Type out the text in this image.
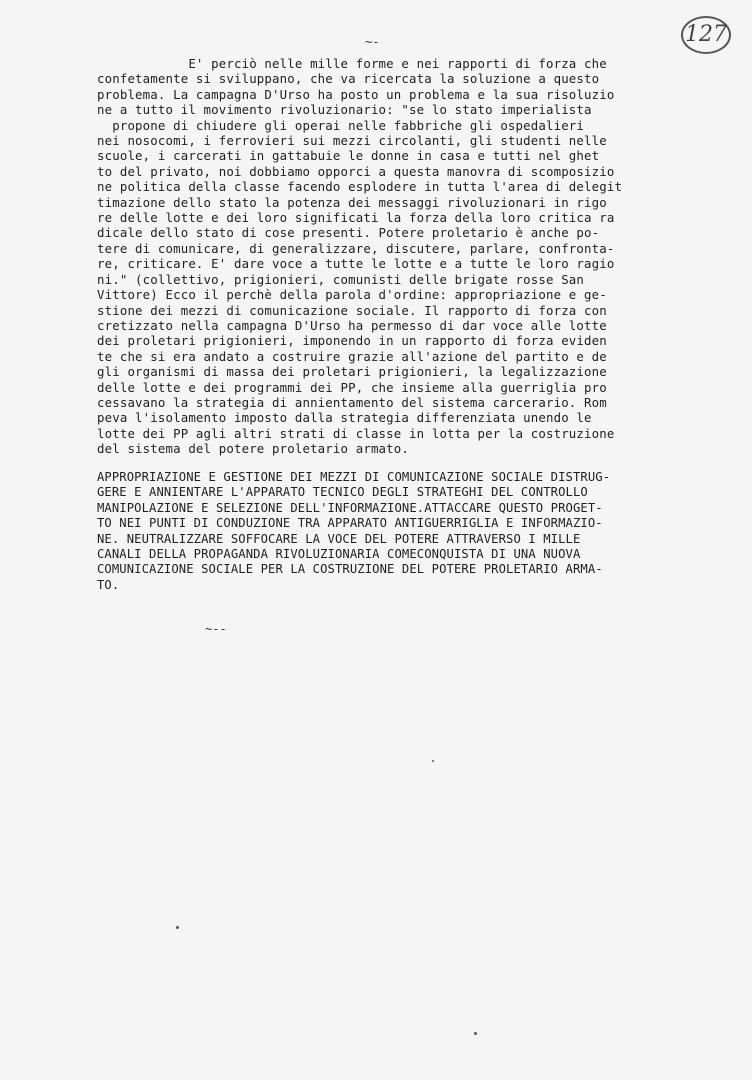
127
~-
E' perciò nelle mille forme e nei rapporti di forza che
confetamente si sviluppano, che va ricercata la soluzione a questo
problema. La campagna D'Urso ha posto un problema e la sua risoluzio
ne a tutto il movimento rivoluzionario: "se lo stato imperialista
propone di chiudere gli operai nelle fabbriche gli ospedalieri
nei nosocomi, i ferrovieri sui mezzi circolanti, gli studenti nelle
scuole, i carcerati in gattabuie le donne in casa e tutti nel ghet
to del privato, noi dobbiamo opporci a questa manovra di scomposizio
ne politica della classe facendo esplodere in tutta l'area di delegit
timazione dello stato la potenza dei messaggi rivoluzionari in rigo
re delle lotte e dei loro significati la forza della loro critica ra
dicale dello stato di cose presenti. Potere proletario è anche po-
tere di comunicare, di generalizzare, discutere, parlare, confronta-
re, criticare. E' dare voce a tutte le lotte e a tutte le loro ragio
ni." (collettivo, prigionieri, comunisti delle brigate rosse San
Vittore) Ecco il perchè della parola d'ordine: appropriazione e ge-
stione dei mezzi di comunicazione sociale. Il rapporto di forza con
cretizzato nella campagna D'Urso ha permesso di dar voce alle lotte
dei proletari prigionieri, imponendo in un rapporto di forza eviden
te che si era andato a costruire grazie all'azione del partito e de
gli organismi di massa dei proletari prigionieri, la legalizzazione
delle lotte e dei programmi dei PP, che insieme alla guerriglia pro
cessavano la strategia di annientamento del sistema carcerario. Rom
peva l'isolamento imposto dalla strategia differenziata unendo le
lotte dei PP agli altri strati di classe in lotta per la costruzione
del sistema del potere proletario armato.
APPROPRIAZIONE E GESTIONE DEI MEZZI DI COMUNICAZIONE SOCIALE DISTRUG-
GERE E ANNIENTARE L'APPARATO TECNICO DEGLI STRATEGHI DEL CONTROLLO
MANIPOLAZIONE E SELEZIONE DELL'INFORMAZIONE.ATTACCARE QUESTO PROGET-
TO NEI PUNTI DI CONDUZIONE TRA APPARATO ANTIGUERRIGLIA E INFORMAZIO-
NE. NEUTRALIZZARE SOFFOCARE LA VOCE DEL POTERE ATTRAVERSO I MILLE
CANALI DELLA PROPAGANDA RIVOLUZIONARIA COMECONQUISTA DI UNA NUOVA
COMUNICAZIONE SOCIALE PER LA COSTRUZIONE DEL POTERE PROLETARIO ARMA-
TO.
~--
